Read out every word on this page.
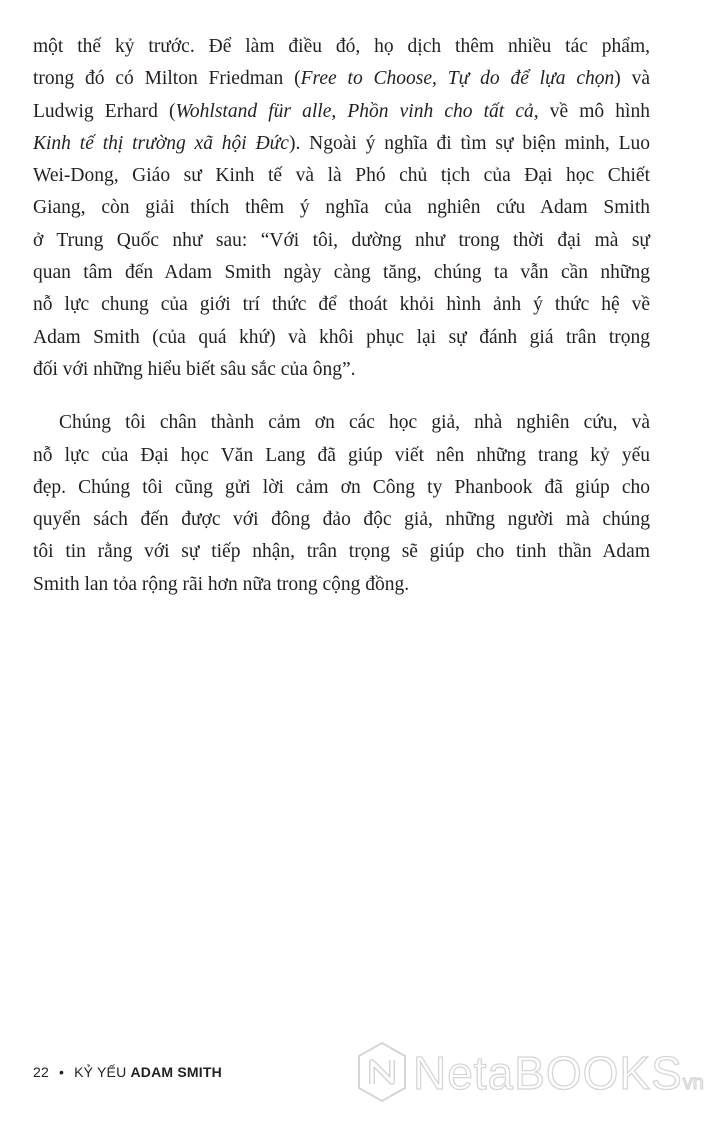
một thế kỷ trước. Để làm điều đó, họ dịch thêm nhiều tác phẩm,
trong đó có Milton Friedman (Free to Choose, Tự do để lựa chọn) và
Ludwig Erhard (Wohlstand für alle, Phồn vinh cho tất cả, về mô hình
Kinh tế thị trường xã hội Đức). Ngoài ý nghĩa đi tìm sự biện minh, Luo
Wei-Dong, Giáo sư Kinh tế và là Phó chủ tịch của Đại học Chiết
Giang, còn giải thích thêm ý nghĩa của nghiên cứu Adam Smith
ở Trung Quốc như sau: “Với tôi, dường như trong thời đại mà sự
quan tâm đến Adam Smith ngày càng tăng, chúng ta vẫn cần những
nỗ lực chung của giới trí thức để thoát khỏi hình ảnh ý thức hệ về
Adam Smith (của quá khứ) và khôi phục lại sự đánh giá trân trọng
đối với những hiểu biết sâu sắc của ông”.
Chúng tôi chân thành cảm ơn các học giả, nhà nghiên cứu, và
nỗ lực của Đại học Văn Lang đã giúp viết nên những trang kỷ yếu
đẹp. Chúng tôi cũng gửi lời cảm ơn Công ty Phanbook đã giúp cho
quyển sách đến được với đông đảo độc giả, những người mà chúng
tôi tin rằng với sự tiếp nhận, trân trọng sẽ giúp cho tinh thần Adam
Smith lan tỏa rộng rãi hơn nữa trong cộng đồng.
22 • KỶ YẾU ADAM SMITH	NetaBOOKSvn
